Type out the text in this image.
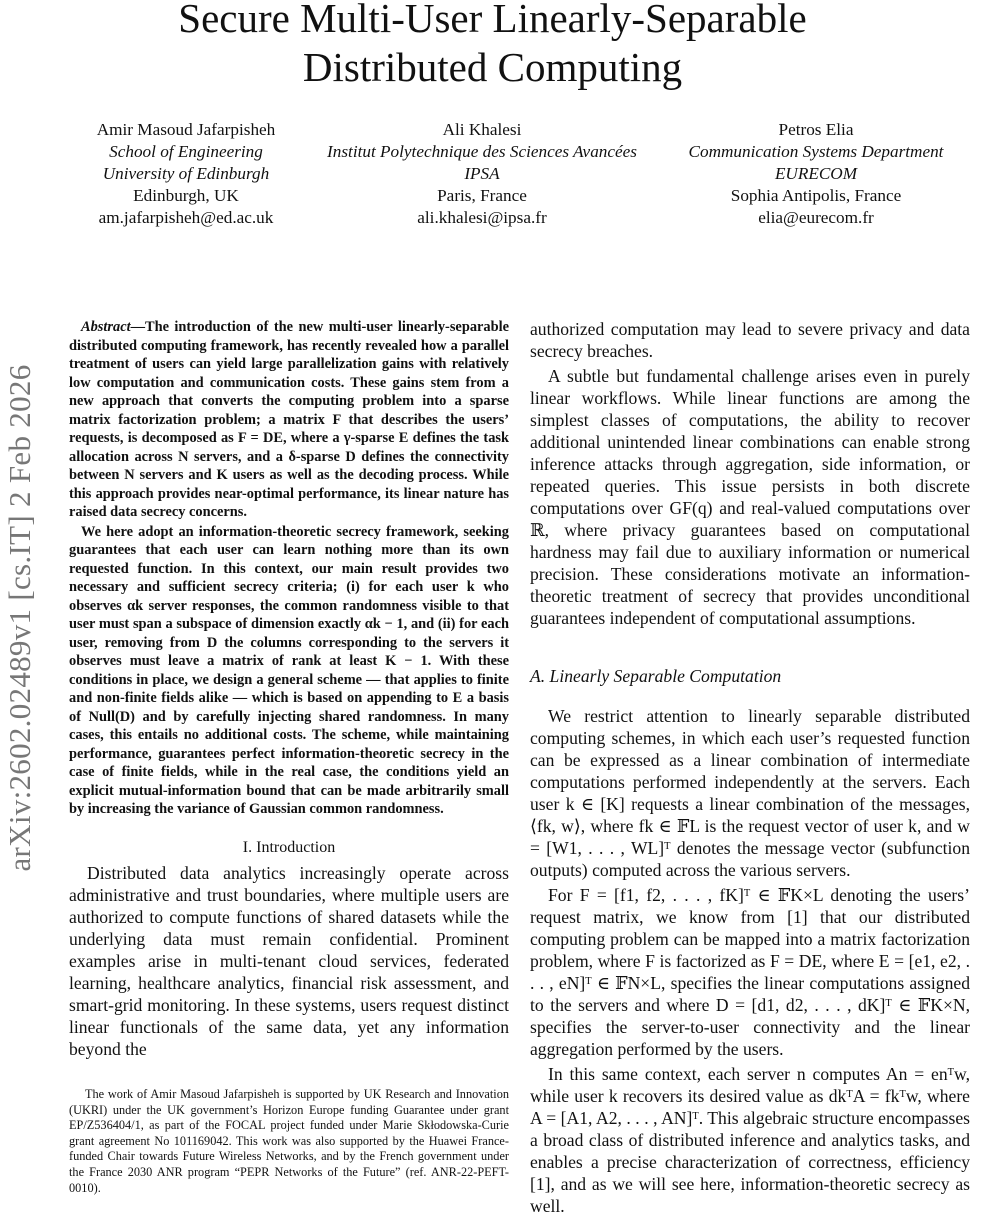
Secure Multi-User Linearly-Separable
Distributed Computing
Amir Masoud Jafarpisheh
School of Engineering
University of Edinburgh
Edinburgh, UK
am.jafarpisheh@ed.ac.uk
Ali Khalesi
Institut Polytechnique des Sciences Avancées
IPSA
Paris, France
ali.khalesi@ipsa.fr
Petros Elia
Communication Systems Department
EURECOM
Sophia Antipolis, France
elia@eurecom.fr
arXiv:2602.02489v1 [cs.IT] 2 Feb 2026

Abstract—The introduction of the new multi-user linearly-separable distributed computing framework, has recently revealed how a parallel treatment of users can yield large parallelization gains with relatively low computation and communication costs. These gains stem from a new approach that converts the computing problem into a sparse matrix factorization problem; a matrix F that describes the users’ requests, is decomposed as F = DE, where a γ-sparse E defines the task allocation across N servers, and a δ-sparse D defines the connectivity between N servers and K users as well as the decoding process. While this approach provides near-optimal performance, its linear nature has raised data secrecy concerns.

We here adopt an information-theoretic secrecy framework, seeking guarantees that each user can learn nothing more than its own requested function. In this context, our main result provides two necessary and sufficient secrecy criteria; (i) for each user k who observes αk server responses, the common randomness visible to that user must span a subspace of dimension exactly αk − 1, and (ii) for each user, removing from D the columns corresponding to the servers it observes must leave a matrix of rank at least K − 1. With these conditions in place, we design a general scheme — that applies to finite and non-finite fields alike — which is based on appending to E a basis of Null(D) and by carefully injecting shared randomness. In many cases, this entails no additional costs. The scheme, while maintaining performance, guarantees perfect information-theoretic secrecy in the case of finite fields, while in the real case, the conditions yield an explicit mutual-information bound that can be made arbitrarily small by increasing the variance of Gaussian common randomness.

I. Introduction

Distributed data analytics increasingly operate across administrative and trust boundaries, where multiple users are authorized to compute functions of shared datasets while the underlying data must remain confidential. Prominent examples arise in multi-tenant cloud services, federated learning, healthcare analytics, financial risk assessment, and smart-grid monitoring. In these systems, users request distinct linear functionals of the same data, yet any information beyond the

authorized computation may lead to severe privacy and data secrecy breaches.

A subtle but fundamental challenge arises even in purely linear workflows. While linear functions are among the simplest classes of computations, the ability to recover additional unintended linear combinations can enable strong inference attacks through aggregation, side information, or repeated queries. This issue persists in both discrete computations over GF(q) and real-valued computations over ℝ, where privacy guarantees based on computational hardness may fail due to auxiliary information or numerical precision. These considerations motivate an information-theoretic treatment of secrecy that provides unconditional guarantees independent of computational assumptions.

A. Linearly Separable Computation

We restrict attention to linearly separable distributed computing schemes, in which each user’s requested function can be expressed as a linear combination of intermediate computations performed independently at the servers. Each user k ∈ [K] requests a linear combination of the messages, ⟨fk, w⟩, where fk ∈ 𝔽L is the request vector of user k, and w = [W1, . . . , WL]ᵀ denotes the message vector (subfunction outputs) computed across the various servers.

For F = [f1, f2, . . . , fK]ᵀ ∈ 𝔽K×L denoting the users’ request matrix, we know from [1] that our distributed computing problem can be mapped into a matrix factorization problem, where F is factorized as F = DE, where E = [e1, e2, . . . , eN]ᵀ ∈ 𝔽N×L, specifies the linear computations assigned to the servers and where D = [d1, d2, . . . , dK]ᵀ ∈ 𝔽K×N, specifies the server-to-user connectivity and the linear aggregation performed by the users.

In this same context, each server n computes An = enᵀw, while user k recovers its desired value as dkᵀA = fkᵀw, where A = [A1, A2, . . . , AN]ᵀ. This algebraic structure encompasses a broad class of distributed inference and analytics tasks, and enables a precise characterization of correctness, efficiency [1], and as we will see here, information-theoretic secrecy as well.

The work of Amir Masoud Jafarpisheh is supported by UK Research and Innovation (UKRI) under the UK government’s Horizon Europe funding Guarantee under grant EP/Z536404/1, as part of the FOCAL project funded under Marie Skłodowska-Curie grant agreement No 101169042. This work was also supported by the Huawei France-funded Chair towards Future Wireless Networks, and by the French government under the France 2030 ANR program “PEPR Networks of the Future” (ref. ANR-22-PEFT-0010).
